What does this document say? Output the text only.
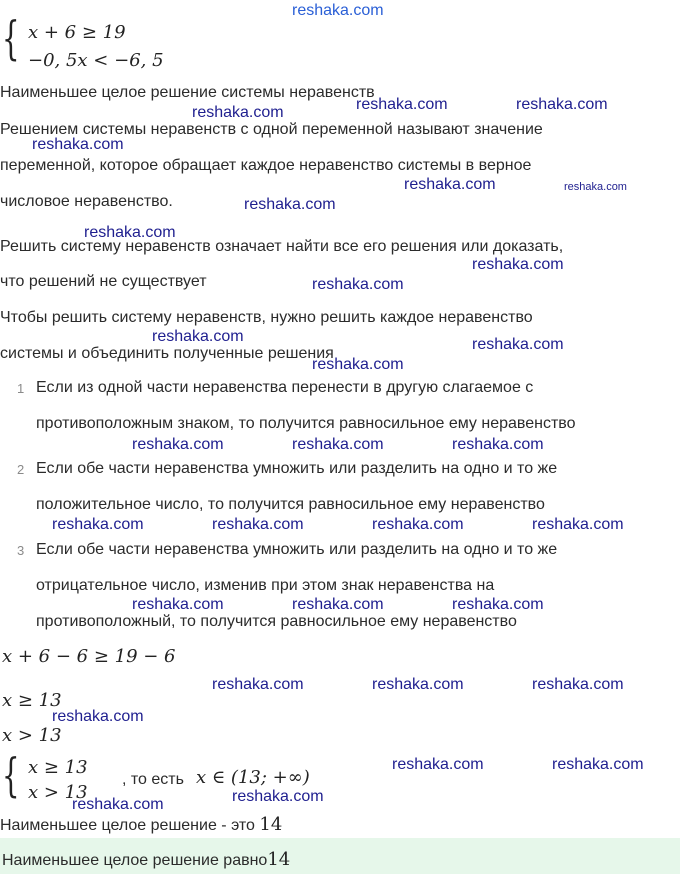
reshaka.com
{ x + 6 ≥ 19
−0, 5x < −6, 5
Наименьшее целое решение системы неравенств
Решением системы неравенств с одной переменной называют значение
переменной, которое обращает каждое неравенство системы в верное
числовое неравенство.
Решить систему неравенств означает найти все его решения или доказать,
что решений не существует
Чтобы решить систему неравенств, нужно решить каждое неравенство
системы и объединить полученные решения
1 Если из одной части неравенства перенести в другую слагаемое с
противоположным знаком, то получится равносильное ему неравенство
2 Если обе части неравенства умножить или разделить на одно и то же
положительное число, то получится равносильное ему неравенство
3 Если обе части неравенства умножить или разделить на одно и то же
отрицательное число, изменив при этом знак неравенства на
противоположный, то получится равносильное ему неравенство
x + 6 − 6 ≥ 19 − 6
x ≥ 13
x > 13
{ x ≥ 13
x > 13
, то есть x ∈ (13; +∞)
Наименьшее целое решение - это 14
Наименьшее целое решение равно14
reshaka.com	reshaka.com	reshaka.com
reshaka.com
reshaka.com	reshaka.com
reshaka.com
reshaka.com
reshaka.com
reshaka.com
reshaka.com	reshaka.com
reshaka.com
reshaka.com	reshaka.com	reshaka.com
reshaka.com	reshaka.com	reshaka.com	reshaka.com
reshaka.com	reshaka.com	reshaka.com
reshaka.com	reshaka.com	reshaka.com
reshaka.com
reshaka.com	reshaka.com
reshaka.com
reshaka.com
